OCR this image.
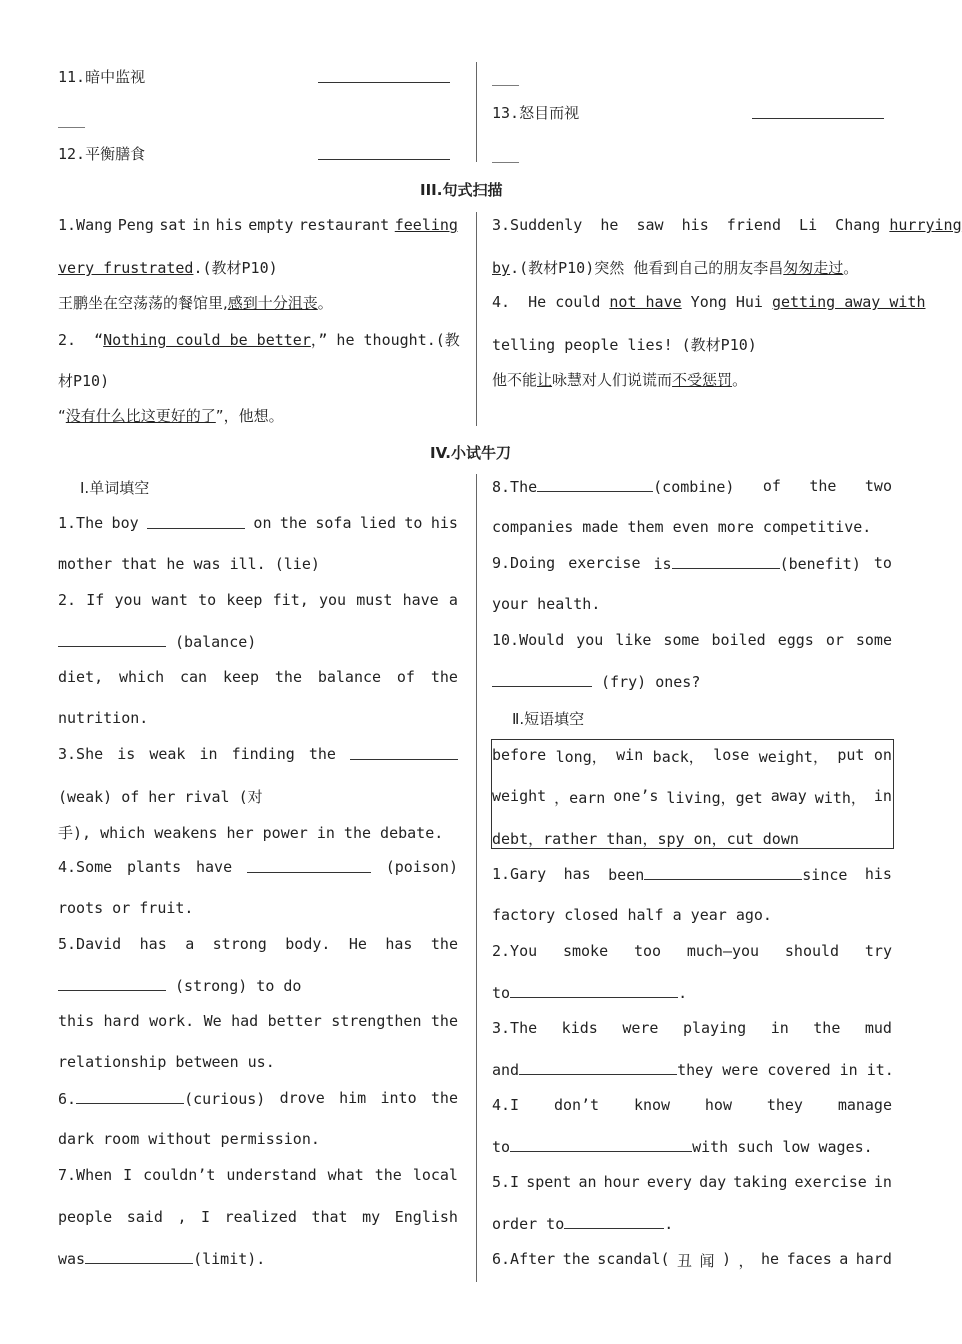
11.暗中监视
___
12.平衡膳食
___
13.怒目而视
___
III.句式扫描
1.Wang Peng sat in his empty restaurant feeling
very frustrated.(教材P10)
王鹏坐在空荡荡的餐馆里,感到十分沮丧。
2.  “Nothing could be better，” he thought.(教
材P10)
“没有什么比这更好的了”，他想。
3.Suddenly  he  saw  his  friend  Li  Chang hurrying
by.(教材P10)突然 他看到自己的朋友李昌匆匆走过。
4.  He could not have Yong Hui getting away with
telling people lies! (教材P10)
他不能让咏慧对人们说谎而不受惩罚。
IV.小试牛刀
Ⅰ.单词填空
1.The boy	on the sofa lied to his
mother that he was ill. (lie)
2. If you want to keep fit, you must have a
(balance)
diet, which can keep the balance of the
nutrition.
3.She is weak in finding the
(weak) of her rival (对
手), which weakens her power in the debate.
4.Some plants have	(poison)
roots or fruit.
5.David has a strong body. He has the
(strong) to do
this hard work. We had better strengthen the
relationship between us.
6.	(curious) drove him into the
dark room without permission.
7.When I couldn’t understand what the local
people said , I realized that my English
was	(limit).
8.The	(combine) of the two
companies made them even more competitive.
9.Doing exercise is	(benefit) to
your health.
10.Would you like some boiled eggs or some
(fry) ones?
Ⅱ.短语填空
before long， win back， lose weight， put on
weight ，earn one’s living，get away with， in
debt，rather than，spy on，cut down
1.Gary has been	since his
factory closed half a year ago.
2.You smoke too much—you should try
to	.
3.The kids were playing in the mud
and	they were covered in it.
4.I don’t know how they manage
to	with such low wages.
5.I spent an hour every day taking exercise in
order to	.
6.After the scandal( 丑 闻 ) ， he faces a hard
